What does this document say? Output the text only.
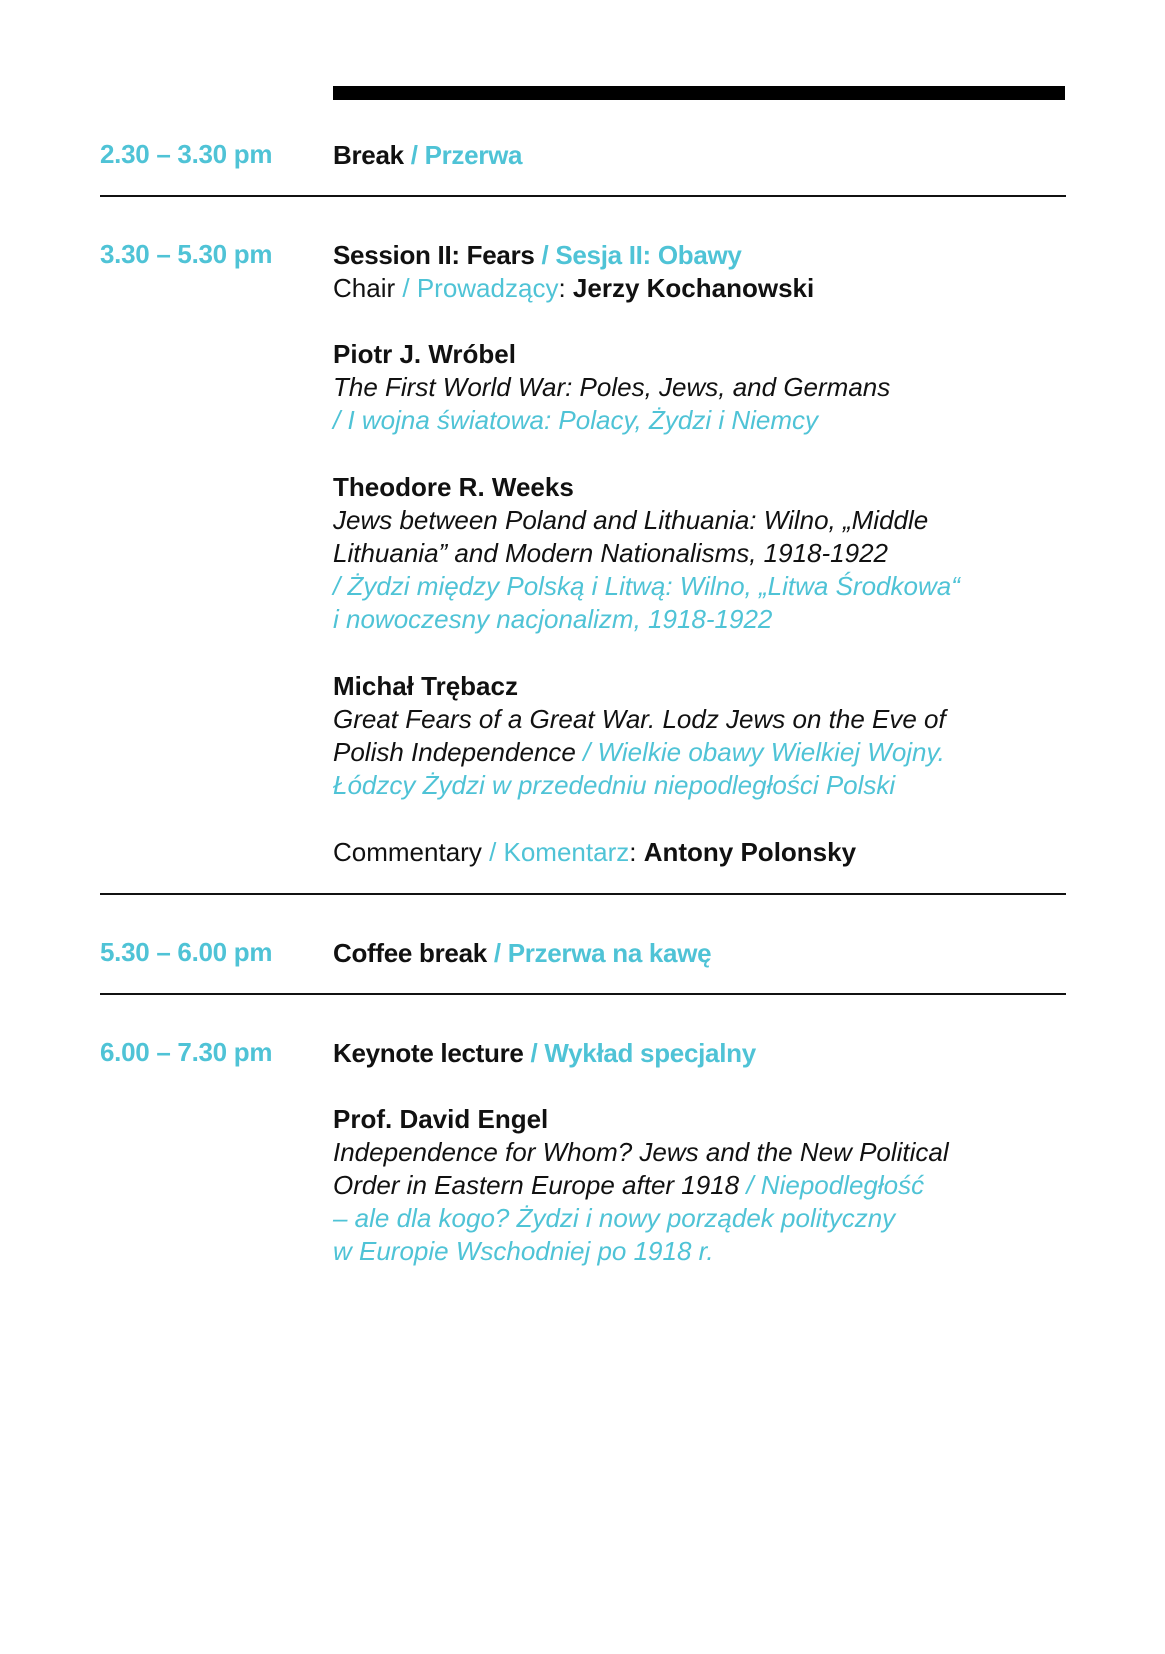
2.30 – 3.30 pm Break / Przerwa
3.30 – 5.30 pm Session II: Fears / Sesja II: Obawy
Chair / Prowadzący: Jerzy Kochanowski
Piotr J. Wróbel
The First World War: Poles, Jews, and Germans
/ I wojna światowa: Polacy, Żydzi i Niemcy
Theodore R. Weeks
Jews between Poland and Lithuania: Wilno, „Middle
Lithuania” and Modern Nationalisms, 1918-1922
/ Żydzi między Polską i Litwą: Wilno, „Litwa Środkowa“
i nowoczesny nacjonalizm, 1918-1922
Michał Trębacz
Great Fears of a Great War. Lodz Jews on the Eve of
Polish Independence / Wielkie obawy Wielkiej Wojny.
Łódzcy Żydzi w przededniu niepodległości Polski
Commentary / Komentarz: Antony Polonsky
5.30 – 6.00 pm Coffee break / Przerwa na kawę
6.00 – 7.30 pm Keynote lecture / Wykład specjalny
Prof. David Engel
Independence for Whom? Jews and the New Political
Order in Eastern Europe after 1918 / Niepodległość
– ale dla kogo? Żydzi i nowy porządek polityczny
w Europie Wschodniej po 1918 r.
